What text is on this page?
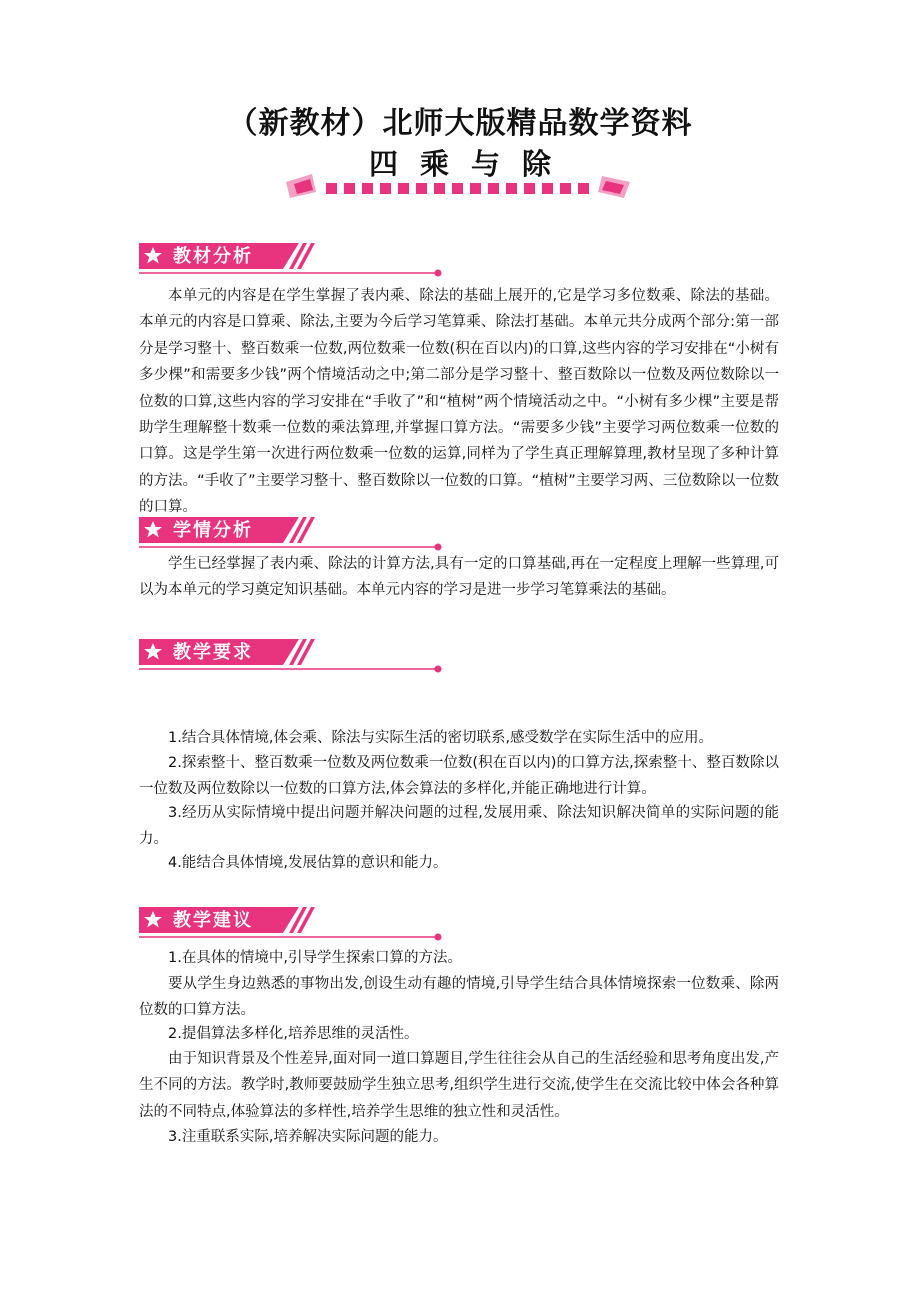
（新教材）北师大版精品数学资料
四乘与除
教材分析

本单元的内容是在学生掌握了表内乘、除法的基础上展开的,它是学习多位数乘、除法的基础。本单元的内容是口算乘、除法,主要为今后学习笔算乘、除法打基础。本单元共分成两个部分:第一部分是学习整十、整百数乘一位数,两位数乘一位数(积在百以内)的口算,这些内容的学习安排在“小树有多少棵”和需要多少钱”两个情境活动之中;第二部分是学习整十、整百数除以一位数及两位数除以一位数的口算,这些内容的学习安排在“手收了”和“植树”两个情境活动之中。“小树有多少棵”主要是帮助学生理解整十数乘一位数的乘法算理,并掌握口算方法。“需要多少钱”主要学习两位数乘一位数的口算。这是学生第一次进行两位数乘一位数的运算,同样为了学生真正理解算理,教材呈现了多种计算的方法。“手收了”主要学习整十、整百数除以一位数的口算。“植树”主要学习两、三位数除以一位数的口算。

学情分析

学生已经掌握了表内乘、除法的计算方法,具有一定的口算基础,再在一定程度上理解一些算理,可以为本单元的学习奠定知识基础。本单元内容的学习是进一步学习笔算乘法的基础。

教学要求

1.结合具体情境,体会乘、除法与实际生活的密切联系,感受数学在实际生活中的应用。

2.探索整十、整百数乘一位数及两位数乘一位数(积在百以内)的口算方法,探索整十、整百数除以一位数及两位数除以一位数的口算方法,体会算法的多样化,并能正确地进行计算。

3.经历从实际情境中提出问题并解决问题的过程,发展用乘、除法知识解决简单的实际问题的能力。

4.能结合具体情境,发展估算的意识和能力。

教学建议

1.在具体的情境中,引导学生探索口算的方法。

要从学生身边熟悉的事物出发,创设生动有趣的情境,引导学生结合具体情境探索一位数乘、除两位数的口算方法。

2.提倡算法多样化,培养思维的灵活性。

由于知识背景及个性差异,面对同一道口算题目,学生往往会从自己的生活经验和思考角度出发,产生不同的方法。教学时,教师要鼓励学生独立思考,组织学生进行交流,使学生在交流比较中体会各种算法的不同特点,体验算法的多样性,培养学生思维的独立性和灵活性。

3.注重联系实际,培养解决实际问题的能力。
